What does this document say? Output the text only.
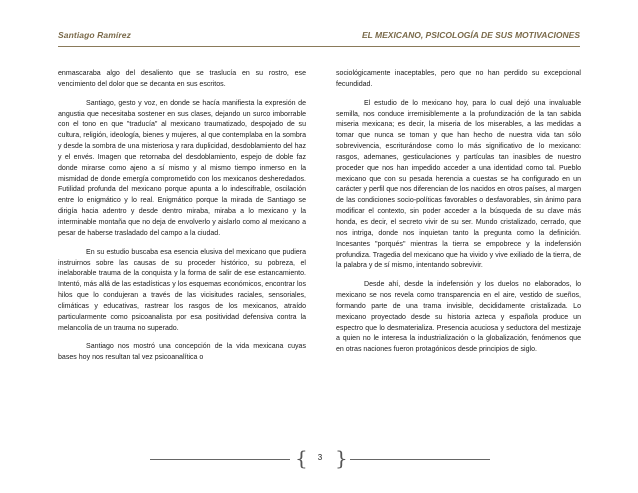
Santiago Ramírez	EL MEXICANO, PSICOLOGÍA DE SUS MOTIVACIONES

enmascaraba algo del desaliento que se traslucía en su rostro, ese vencimiento del dolor que se decanta en sus escritos.

Santiago, gesto y voz, en donde se hacía manifiesta la expresión de angustia que necesitaba sostener en sus clases, dejando un surco imborrable con el tono en que "traducía" al mexicano traumatizado, despojado de su cultura, religión, ideología, bienes y mujeres, al que contemplaba en la sombra y desde la sombra de una misteriosa y rara duplicidad, desdoblamiento del haz y el envés. Imagen que retornaba del desdoblamiento, espejo de doble faz donde mirarse como ajeno a sí mismo y al mismo tiempo inmerso en la mismidad de donde emergía comprometido con los mexicanos desheredados. Futilidad profunda del mexicano porque apunta a lo indescifrable, oscilación entre lo enigmático y lo real. Enigmático porque la mirada de Santiago se dirigía hacia adentro y desde dentro miraba, miraba a lo mexicano y la interminable montaña que no deja de envolverlo y aislarlo como al mexicano a pesar de haberse trasladado del campo a la ciudad.

En su estudio buscaba esa esencia elusiva del mexicano que pudiera instruirnos sobre las causas de su proceder histórico, su pobreza, el inelaborable trauma de la conquista y la forma de salir de ese estancamiento. Intentó, más allá de las estadísticas y los esquemas económicos, encontrar los hilos que lo condujeran a través de las vicisitudes raciales, sensoriales, climáticas y educativas, rastrear los rasgos de los mexicanos, atraído particularmente como psicoanalista por esa positividad defensiva contra la melancolía de un trauma no superado.

Santiago nos mostró una concepción de la vida mexicana cuyas bases hoy nos resultan tal vez psicoanalítica o

sociológicamente inaceptables, pero que no han perdido su excepcional fecundidad.

El estudio de lo mexicano hoy, para lo cual dejó una invaluable semilla, nos conduce irremisiblemente a la profundización de la tan sabida miseria mexicana; es decir, la miseria de los miserables, a las medidas a tomar que nunca se toman y que han hecho de nuestra vida tan sólo sobrevivencia, escriturándose como lo más significativo de lo mexicano: rasgos, ademanes, gesticulaciones y partículas tan inasibles de nuestro proceder que nos han impedido acceder a una identidad como tal. Pueblo mexicano que con su pesada herencia a cuestas se ha configurado en un carácter y perfil que nos diferencian de los nacidos en otros países, al margen de las condiciones socio-políticas favorables o desfavorables, sin ánimo para modificar el contexto, sin poder acceder a la búsqueda de su clave más honda, es decir, el secreto vivir de su ser. Mundo cristalizado, cerrado, que nos intriga, donde nos inquietan tanto la pregunta como la definición. Incesantes "porqués" mientras la tierra se empobrece y la indefensión profundiza. Tragedia del mexicano que ha vivido y vive exiliado de la tierra, de la palabra y de sí mismo, intentando sobrevivir.

Desde ahí, desde la indefensión y los duelos no elaborados, lo mexicano se nos revela como transparencia en el aire, vestido de sueños, formando parte de una trama invisible, decididamente cristalizada. Lo mexicano proyectado desde su historia azteca y española produce un espectro que lo desmaterializa. Presencia acuciosa y seductora del mestizaje a quien no le interesa la industrialización o la globalización, fenómenos que en otras naciones fueron protagónicos desde principios de siglo.

{	3 }
